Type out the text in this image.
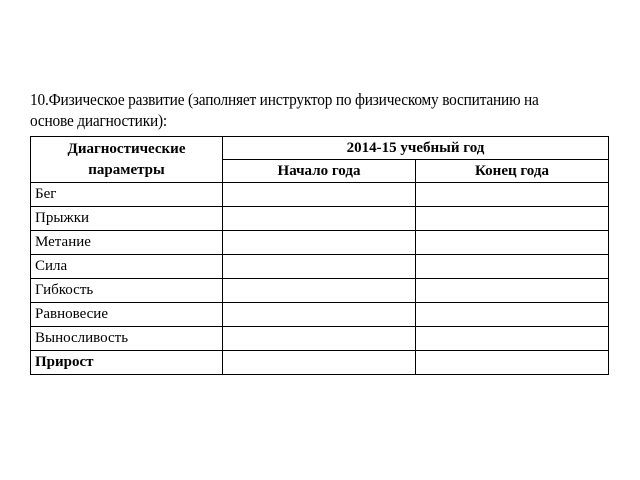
10.Физическое развитие (заполняет инструктор по физическому воспитанию на
основе диагностики):
Диагностические
параметры	2014-15 учебный год	
	Начало года	Конец года
Бег		
Прыжки		
Метание		
Сила		
Гибкость		
Равновесие		
Выносливость		
Прирост		
